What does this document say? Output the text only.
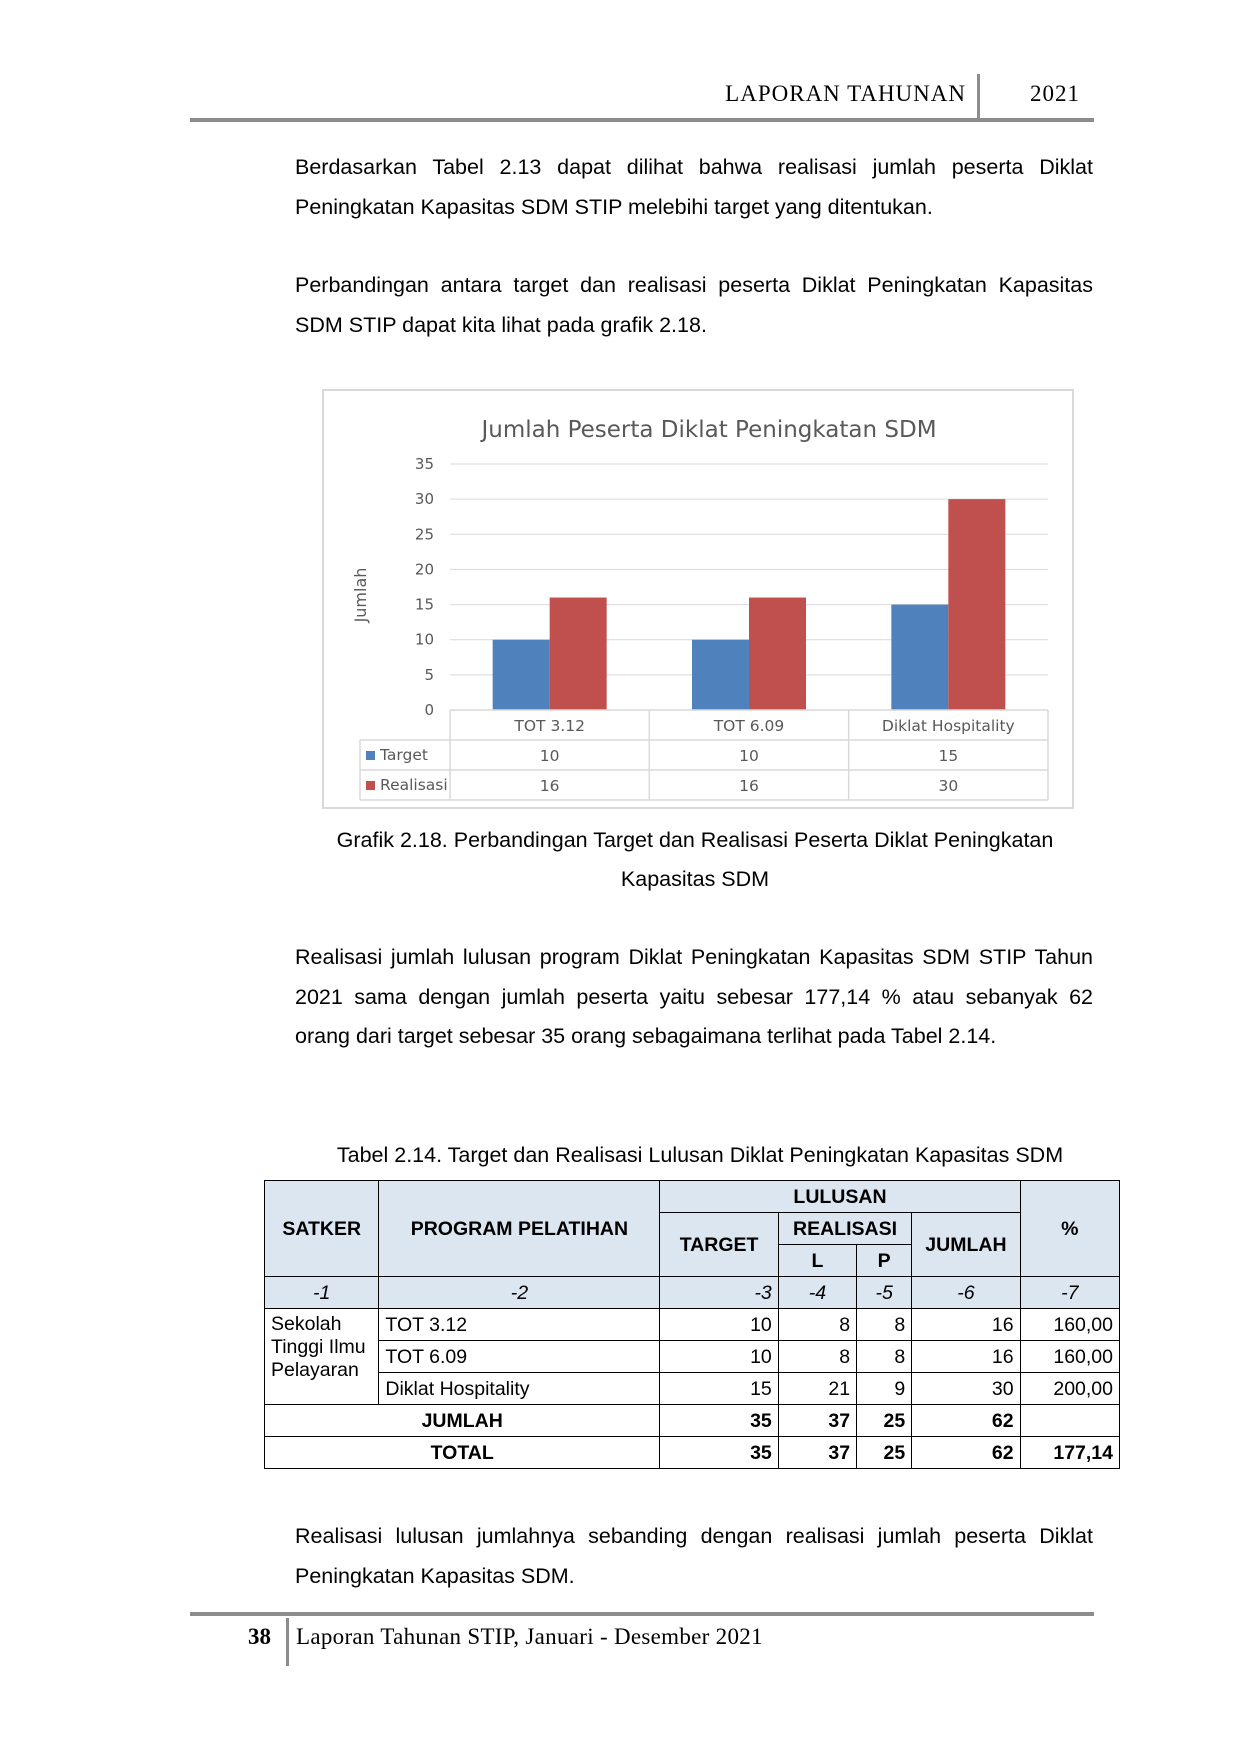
LAPORAN TAHUNAN	2021
Berdasarkan Tabel 2.13 dapat dilihat bahwa realisasi jumlah peserta Diklat Peningkatan Kapasitas SDM STIP melebihi target yang ditentukan.
Perbandingan antara target dan realisasi peserta Diklat Peningkatan Kapasitas SDM STIP dapat kita lihat pada grafik 2.18.
Jumlah Peserta Diklat Peningkatan SDM
Jumlah
0
5
10
15
20
25
30
35
TOT 3.12	TOT 6.09	Diklat Hospitality
Target	10	10	15
Realisasi	16	16	30
Grafik 2.18. Perbandingan Target dan Realisasi Peserta Diklat Peningkatan
Kapasitas SDM
Realisasi jumlah lulusan program Diklat Peningkatan Kapasitas SDM STIP Tahun 2021 sama dengan jumlah peserta yaitu sebesar 177,14 % atau sebanyak 62 orang dari target sebesar 35 orang sebagaimana terlihat pada Tabel 2.14.
Tabel 2.14. Target dan Realisasi Lulusan Diklat Peningkatan Kapasitas SDM
SATKER	PROGRAM PELATIHAN	LULUSAN				%
		TARGET	REALISASI		JUMLAH	
			L	P		
-1	-2	-3	-4	-5	-6	-7
Sekolah Tinggi Ilmu Pelayaran	TOT 3.12	10	8	8	16	160,00
	TOT 6.09	10	8	8	16	160,00
	Diklat Hospitality	15	21	9	30	200,00
JUMLAH		35	37	25	62	
TOTAL		35	37	25	62	177,14
Realisasi lulusan jumlahnya sebanding dengan realisasi jumlah peserta Diklat Peningkatan Kapasitas SDM.
38 Laporan Tahunan STIP, Januari - Desember 2021
